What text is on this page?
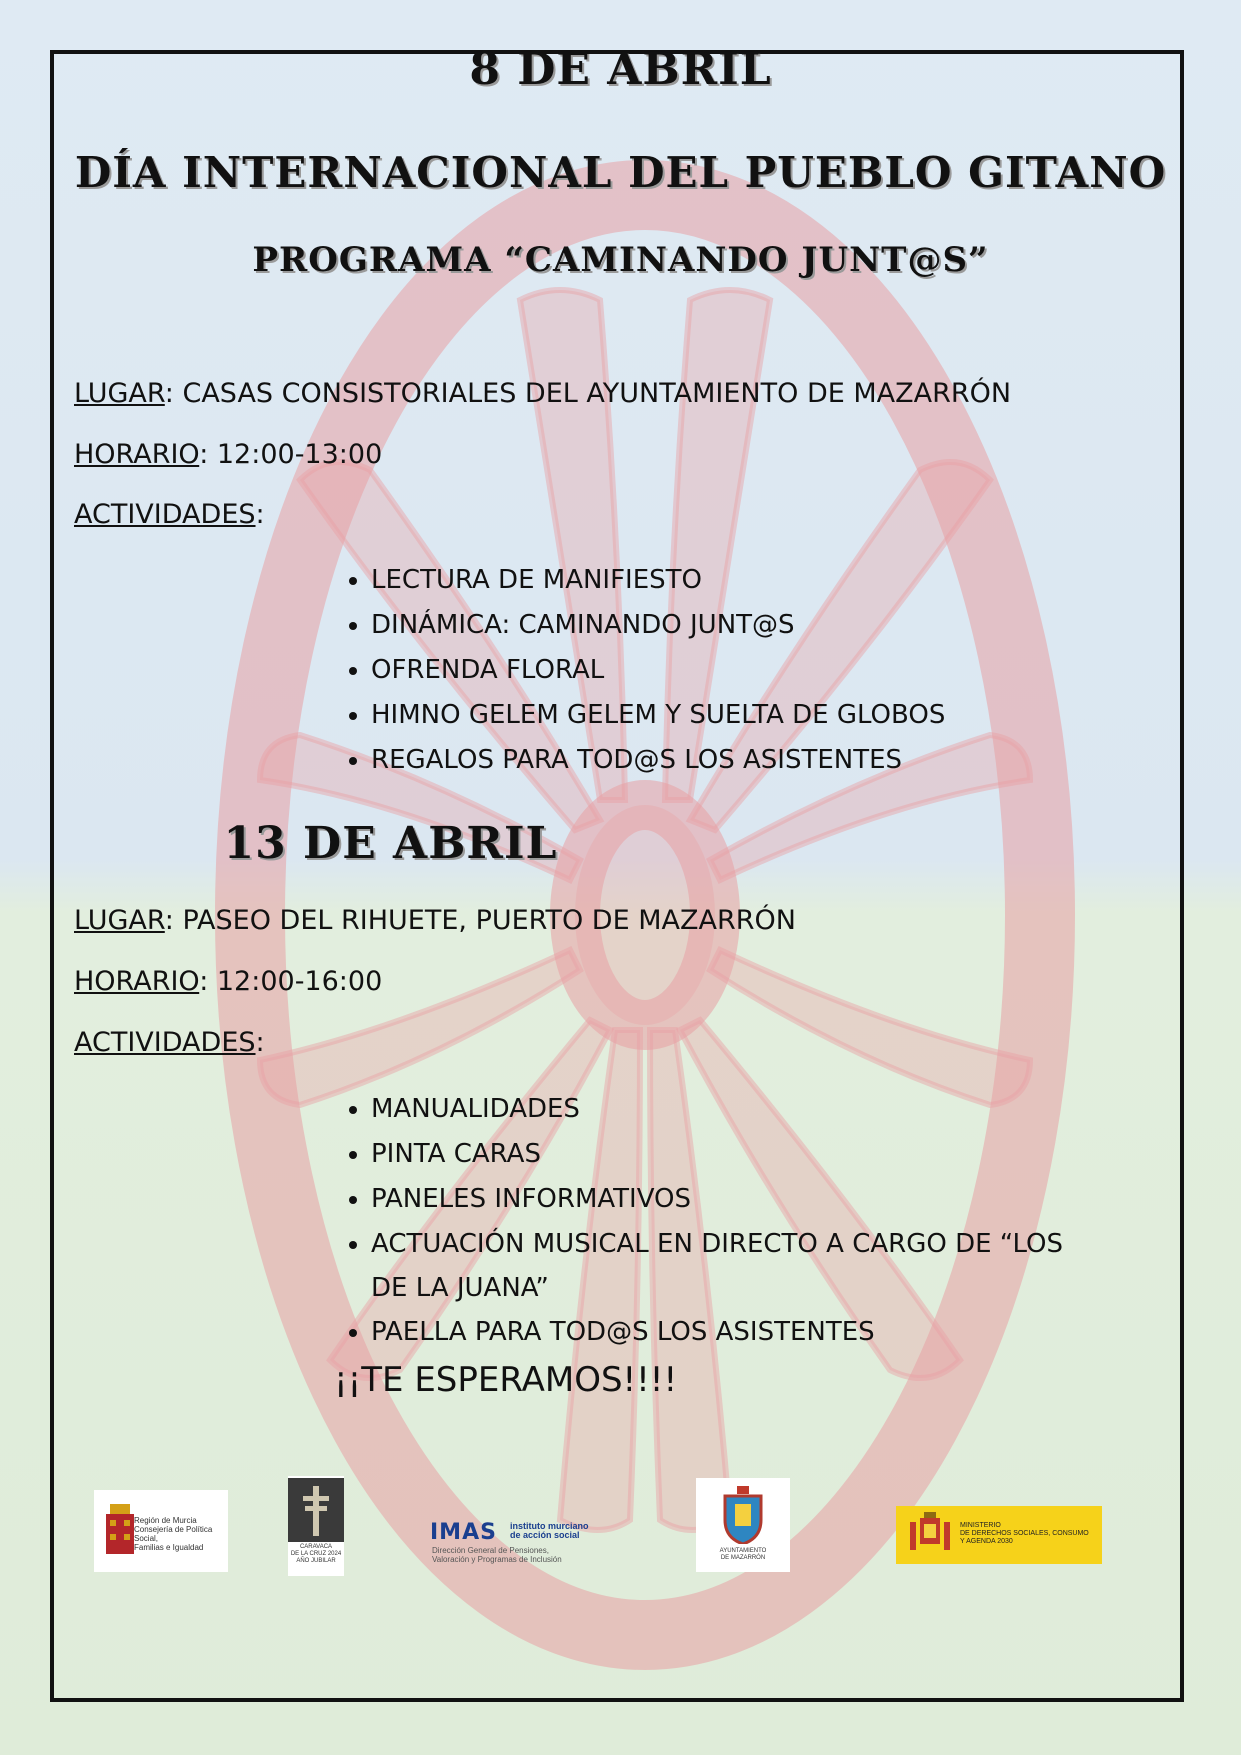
8 DE ABRIL
DÍA INTERNACIONAL DEL PUEBLO GITANO
PROGRAMA “CAMINANDO JUNT@S”
LUGAR: CASAS CONSISTORIALES DEL AYUNTAMIENTO DE MAZARRÓN
HORARIO: 12:00-13:00
ACTIVIDADES:
• LECTURA DE MANIFIESTO
• DINÁMICA: CAMINANDO JUNT@S
• OFRENDA FLORAL
• HIMNO GELEM GELEM Y SUELTA DE GLOBOS
• REGALOS PARA TOD@S LOS ASISTENTES
13 DE ABRIL
LUGAR: PASEO DEL RIHUETE, PUERTO DE MAZARRÓN
HORARIO: 12:00-16:00
ACTIVIDADES:
• MANUALIDADES
• PINTA CARAS
• PANELES INFORMATIVOS
• ACTUACIÓN MUSICAL EN DIRECTO A CARGO DE “LOS DE LA JUANA”
• PAELLA PARA TOD@S LOS ASISTENTES
¡¡TE ESPERAMOS!!!!
Región de Murcia
Consejería de Política Social,
Familias e Igualdad	CARAVACA
DE LA CRUZ 2024
AÑO JUBILAR
IMAS instituto murciano
de acción social
Dirección General de Pensiones,
Valoración y Programas de Inclusión
AYUNTAMIENTO
DE MAZARRÓN
MINISTERIO
DE DERECHOS SOCIALES, CONSUMO
Y AGENDA 2030
